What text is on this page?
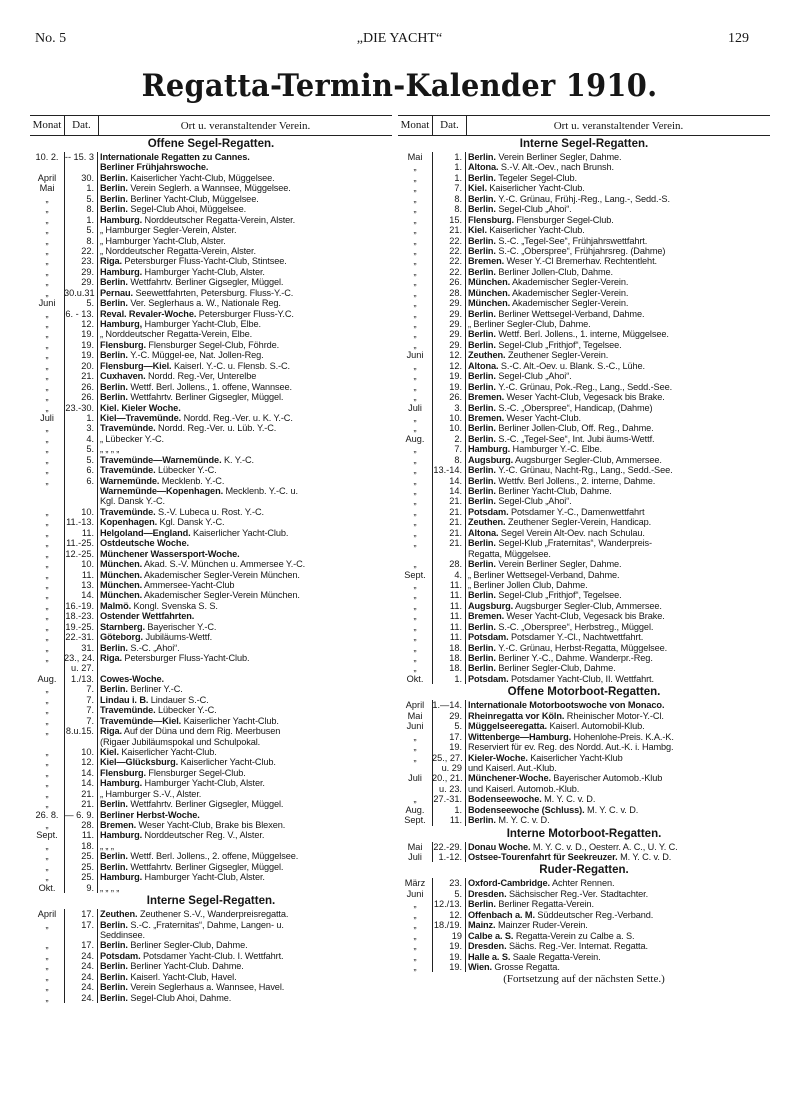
No. 5	„DIE YACHT“	129
Regatta-Termin-Kalender 1910.
Monat Dat.	Ort u. veranstaltender Verein.
Offene Segel-Regatten.
10. 2. -- 15. 3 Internationale Regatten zu Cannes.
Berliner Frühjahrswoche.
April	30. Berlin. Kaiserlicher Yacht-Club, Müggelsee.
Mai	1. Berlin. Verein Seglerh. a Wannsee, Müggelsee.
„	5. Berlin. Berliner Yacht-Club, Müggelsee.
„	8. Berlin. Segel-Club Ahoi, Müggelsee.
„	1. Hamburg. Norddeutscher Regatta-Verein, Alster.
„	5. „ Hamburger Segler-Verein, Alster.
„	8. „ Hamburger Yacht-Club, Alster.
„	22. „ Norddeutscher Regatta-Verein, Alster.
„	23. Riga. Petersburger Fluss-Yacht-Club, Stintsee.
„	29. Hamburg. Hamburger Yacht-Club, Alster.
„	29. Berlin. Wettfahrtv. Berliner Gigsegler, Müggel.
„	30.u.31 Pernau. Seewettfahrten, Petersburg. Fluss-Y.-C.
Juni	5. Berlin. Ver. Seglerhaus a. W., Nationale Reg.
„	6. - 13. Reval. Revaler-Woche. Petersburger Fluss-Y.C.
„	12. Hamburg, Hamburger Yacht-Club, Elbe.
„	19. „ Norddeutscher Regatta-Verein, Elbe.
„	19. Flensburg. Flensburger Segel-Club, Föhrde.
„	19. Berlin. Y.-C. Müggel-ee, Nat. Jollen-Reg.
„	20. Flensburg—Kiel. Kaiserl. Y.-C. u. Flensb. S.-C.
„	21. Cuxhaven. Nordd. Reg.-Ver, Unterelbe
„	26. Berlin. Wettf. Berl. Jollens., 1. offene, Wannsee.
„	26. Berlin. Wettfahrtv. Berliner Gigsegler, Müggel.
„	23.-30. Kiel. Kieler Woche.
Juli	1. Kiel—Travemünde. Nordd. Reg.-Ver. u. K. Y.-C.
„	3. Travemünde. Nordd. Reg.-Ver. u. Lüb. Y.-C.
„	4. „ Lübecker Y.-C.
„	5. „ „ „ „
„	5. Travemünde—Warnemünde. K. Y.-C.
„	6. Travemünde. Lübecker Y.-C.
„	6. Warnemünde. Mecklenb. Y.-C.
Warnemünde—Kopenhagen. Mecklenb. Y.-C. u.
Kgl. Dansk Y.-C.
„	10. Travemünde. S.-V. Lubeca u. Rost. Y.-C.
„	11.-13. Kopenhagen. Kgl. Dansk Y.-C.
„	11. Helgoland—England. Kaiserlicher Yacht-Club.
„	11.-25. Ostdeutsche Woche.
„	12.-25. Münchener Wassersport-Woche.
„	10. München. Akad. S.-V. München u. Ammersee Y.-C.
„	11. München. Akademischer Segler-Verein München.
„	13. München. Ammersee-Yacht-Club
„	14. München. Akademischer Segler-Verein München.
„	16.-19. Malmö. Kongl. Svenska S. S.
„	18.-23. Ostender Wettfahrten.
„	19.-25. Starnberg. Bayerischer Y.-C.
„	22.-31. Göteborg. Jubiläums-Wettf.
„	31. Berlin. S.-C. „Ahoi“.
„	23., 24. Riga. Petersburger Fluss-Yacht-Club.
u. 27.
Aug.	1./13. Cowes-Woche.
„	7. Berlin. Berliner Y.-C.
„	7. Lindau i. B. Lindauer S.-C.
„	7. Travemünde. Lübecker Y.-C.
„	7. Travemünde—Kiel. Kaiserlicher Yacht-Club.
„	8.u.15. Riga. Auf der Düna und dem Rig. Meerbusen
(Rigaer Jubiläumspokal und Schulpokal.
„	10. Kiel. Kaiserlicher Yacht-Club.
„	12. Kiel—Glücksburg. Kaiserlicher Yacht-Club.
„	14. Flensburg. Flensburger Segel-Club.
„	14. Hamburg. Hamburger Yacht-Club, Alster.
„	21. „ Hamburger S.-V., Alster.
„	21. Berlin. Wettfahrtv. Berliner Gigsegler, Müggel.
26. 8. — 6. 9. Berliner Herbst-Woche.
„	28. Bremen. Weser Yacht-Club, Brake bis Blexen.
Sept.	11. Hamburg. Norddeutscher Reg. V., Alster.
„	18. „ „ „
„	25. Berlin. Wettf. Berl. Jollens., 2. offene, Müggelsee.
„	25. Berlin. Wettfahrtv. Berliner Gigsegler, Müggel.
„	25. Hamburg. Hamburger Yacht-Club, Alster.
Okt.	9. „ „ „ „
Interne Segel-Regatten.
April	17. Zeuthen. Zeuthener S.-V., Wanderpreisregatta.
„	17. Berlin. S.-C. „Fraternitas“, Dahme, Langen- u.
Seddinsee.
„	17. Berlin. Berliner Segler-Club, Dahme.
„	24. Potsdam. Potsdamer Yacht-Club. I. Wettfahrt.
„	24. Berlin. Berliner Yacht-Club. Dahme.
„	24. Berlin. Kaiserl. Yacht-Club, Havel.
„	24. Berlin. Verein Seglerhaus a. Wannsee, Havel.
„	24. Berlin. Segel-Club Ahoi, Dahme.
Monat Dat.	Ort u. veranstaltender Verein.
Interne Segel-Regatten.
Mai	1. Berlin. Verein Berliner Segler, Dahme.
„	1. Altona. S.-V. Alt.-Oev., nach Brunsh.
„	1. Berlin. Tegeler Segel-Club.
„	7. Kiel. Kaiserlicher Yacht-Club.
„	8. Berlin. Y.-C. Grünau, Frühj.-Reg., Lang.-, Sedd.-S.
„	8. Berlin. Segel-Club „Ahoi“.
„	15. Flensburg. Flensburger Segel-Club.
„	21. Kiel. Kaiserlicher Yacht-Club.
„	22. Berlin. S.-C. „Tegel-See“, Frühjahrswettfahrt.
„	22. Berlin. S.-C. „Oberspree“, Frühjahrsreg. (Dahme)
„	22. Bremen. Weser Y.-Cl Bremerhav. Rechtentleht.
„	22. Berlin. Berliner Jollen-Club, Dahme.
„	26. München. Akademischer Segler-Verein.
„	28. München. Akademischer Segler-Verein.
„	29. München. Akademischer Segler-Verein.
„	29. Berlin. Berliner Wettsegel-Verband, Dahme.
„	29. „ Berliner Segler-Club, Dahme.
„	29. Berlin. Wettf. Berl. Jollens., 1. interne, Müggelsee.
„	29. Berlin. Segel-Club „Frithjof“, Tegelsee.
Juni	12. Zeuthen. Zeuthener Segler-Verein.
„	12. Altona. S.-C. Alt.-Oev. u. Blank. S.-C., Lühe.
„	19. Berlin. Segel-Club „Ahoi“.
„	19. Berlin. Y.-C. Grünau, Pok.-Reg., Lang., Sedd.-See.
„	26. Bremen. Weser Yacht-Club, Vegesack bis Brake.
Juli	3. Berlin. S.-C. „Oberspree“, Handicap, (Dahme)
„	10. Bremen. Weser Yacht-Club.
„	10. Berlin. Berliner Jollen-Club, Off. Reg., Dahme.
Aug.	2. Berlin. S.-C. „Tegel-See“, Int. Jubi äums-Wettf.
„	7. Hamburg. Hamburger Y.-C. Elbe.
„	8. Augsburg. Augsburger Segler-Club, Ammersee.
„	13.-14. Berlin. Y.-C. Grünau, Nacht-Rg., Lang., Sedd.-See.
„	14. Berlin. Wettfv. Berl Jollens., 2. interne, Dahme.
„	14. Berlin. Berliner Yacht-Club, Dahme.
„	21. Berlin. Segel-Club „Ahoi“.
„	21. Potsdam. Potsdamer Y.-C., Damenwettfahrt
„	21. Zeuthen. Zeuthener Segler-Verein, Handicap.
„	21. Altona. Segel Verein Alt-Oev. nach Schulau.
„	21. Berlin. Segel-Klub „Fraternitas“, Wanderpreis-
Regatta, Müggelsee.
„	28. Berlin. Verein Berliner Segler, Dahme.
Sept.	4. „ Berliner Wettsegel-Verband, Dahme.
„	11. „ Berliner Jollen Club, Dahme.
„	11. Berlin. Segel-Club „Frithjof“, Tegelsee.
„	11. Augsburg. Augsburger Segler-Club, Ammersee.
„	11. Bremen. Weser Yacht-Club, Vegesack bis Brake.
„	11. Berlin. S.-C. „Oberspree“, Herbstreg., Müggel.
„	11. Potsdam. Potsdamer Y.-Cl., Nachtwettfahrt.
„	18. Berlin. Y.-C. Grünau, Herbst-Regatta, Müggelsee.
„	18. Berlin. Berliner Y.-C., Dahme. Wanderpr.-Reg.
„	18. Berlin. Berliner Segler-Club, Dahme.
Okt.	1. Potsdam. Potsdamer Yacht-Club, II. Wettfahrt.
Offene Motorboot-Regatten.
April 1.—14. Internationale Motorbootswoche von Monaco.
Mai	29. Rheinregatta vor Köln. Rheinischer Motor-Y.-Cl.
Juni	5. Müggelseeregatta. Kaiserl. Automobil-Klub.
„	17. Wittenberge—Hamburg. Hohenlohe-Preis. K.A.-K.
„	19. Reserviert für ev. Reg. des Nordd. Aut.-K. i. Hambg.
„	25., 27. Kieler-Woche. Kaiserlicher Yacht-Klub
u. 29 und Kaiserl. Aut.-Klub.
Juli	20., 21. Münchener-Woche. Bayerischer Automob.-Klub
u. 23. und Kaiserl. Automob.-Klub.
„	27.-31. Bodenseewoche. M. Y. C. v. D.
Aug.	1. Bodenseewoche (Schluss). M. Y. C. v. D.
Sept.	11. Berlin. M. Y. C. v. D.
Interne Motorboot-Regatten.
Mai	22.-29. Donau Woche. M. Y. C. v. D., Oesterr. A. C., U. Y. C.
Juli	1.-12. Ostsee-Tourenfahrt für Seekreuzer. M. Y. C. v. D.
Ruder-Regatten.
März	23. Oxford-Cambridge. Achter Rennen.
Juni	5. Dresden. Sächsischer Reg.-Ver. Stadtachter.
„	12./13. Berlin. Berliner Regatta-Verein.
„	12. Offenbach a. M. Süddeutscher Reg.-Verband.
„	18./19. Mainz. Mainzer Ruder-Verein.
„	19 Calbe a. S. Regatta-Verein zu Calbe a. S.
„	19. Dresden. Sächs. Reg.-Ver. Internat. Regatta.
„	19. Halle a. S. Saale Regatta-Verein.
„	19. Wien. Grosse Regatta.
(Fortsetzung auf der nächsten Sette.)
